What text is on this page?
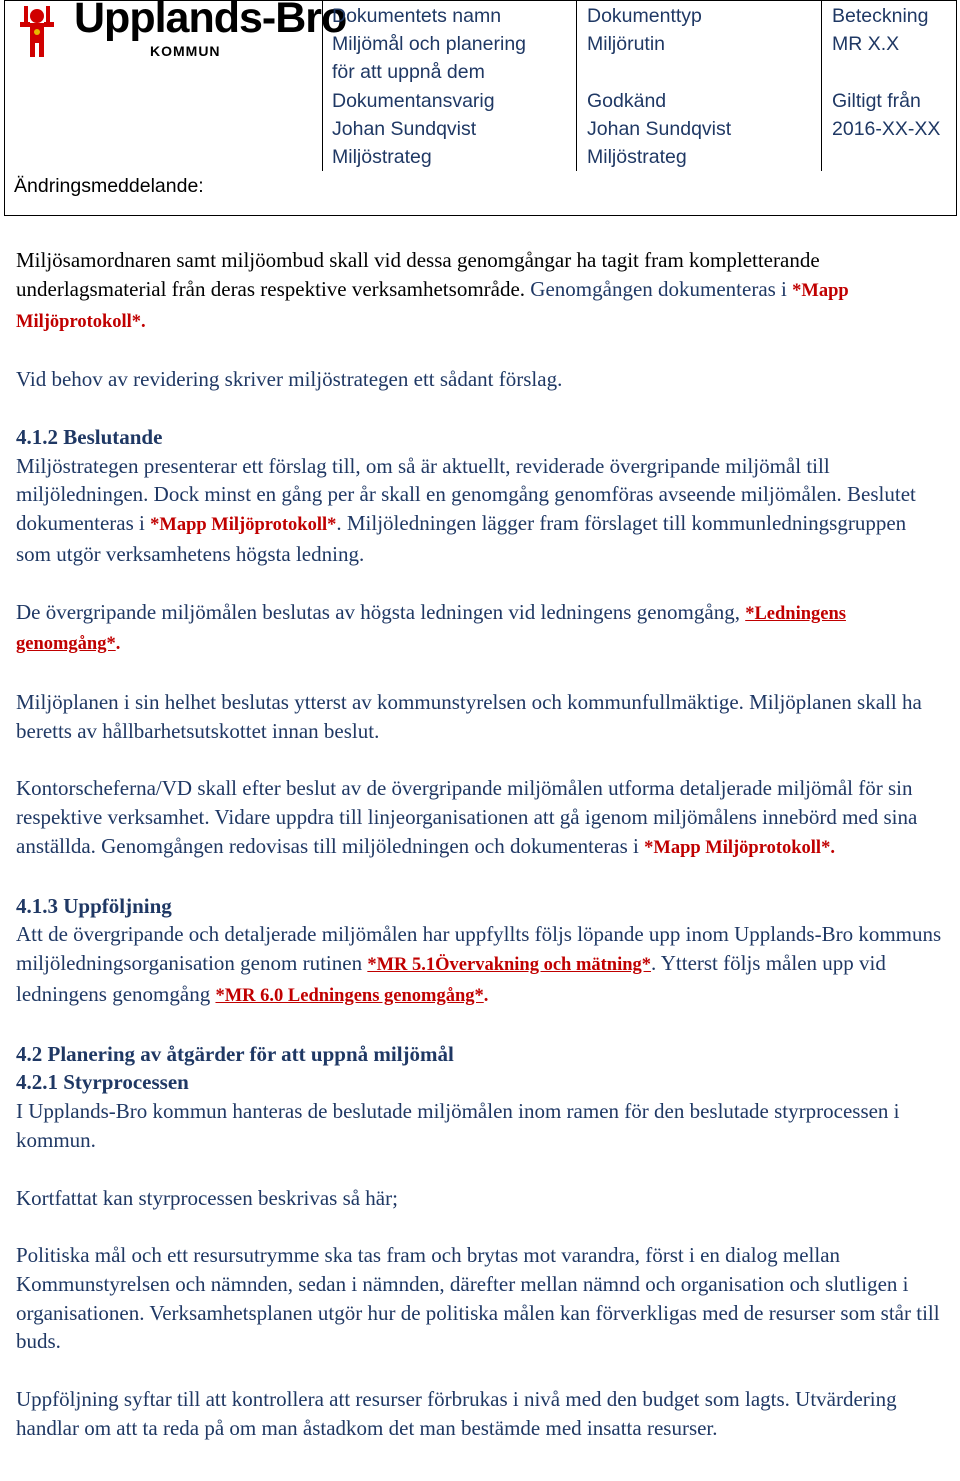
Upplands-Bro
KOMMUN
Ändringsmeddelande:
Dokumentets namn
Miljömål och planering
för att uppnå dem
Dokumentansvarig
Johan Sundqvist
Miljöstrateg
Dokumenttyp
Miljörutin
Godkänd
Johan Sundqvist
Miljöstrateg
Beteckning
MR X.X
Giltigt från
2016-XX-XX

Miljösamordnaren samt miljöombud skall vid dessa genomgångar ha tagit fram kompletterande underlagsmaterial från deras respektive verksamhetsområde. Genomgången dokumenteras i *Mapp Miljöprotokoll*.

Vid behov av revidering skriver miljöstrategen ett sådant förslag.

4.1.2 Beslutande

Miljöstrategen presenterar ett förslag till, om så är aktuellt, reviderade övergripande miljömål till miljöledningen. Dock minst en gång per år skall en genomgång genomföras avseende miljömålen. Beslutet dokumenteras i *Mapp Miljöprotokoll*. Miljöledningen lägger fram förslaget till kommunledningsgruppen som utgör verksamhetens högsta ledning.

De övergripande miljömålen beslutas av högsta ledningen vid ledningens genomgång, *Ledningens genomgång*.

Miljöplanen i sin helhet beslutas ytterst av kommunstyrelsen och kommunfullmäktige. Miljöplanen skall ha beretts av hållbarhetsutskottet innan beslut.

Kontorscheferna/VD skall efter beslut av de övergripande miljömålen utforma detaljerade miljömål för sin respektive verksamhet. Vidare uppdra till linjeorganisationen att gå igenom miljömålens innebörd med sina anställda. Genomgången redovisas till miljöledningen och dokumenteras i *Mapp Miljöprotokoll*.

4.1.3 Uppföljning

Att de övergripande och detaljerade miljömålen har uppfyllts följs löpande upp inom Upplands-Bro kommuns miljöledningsorganisation genom rutinen *MR 5.1Övervakning och mätning*. Ytterst följs målen upp vid ledningens genomgång *MR 6.0 Ledningens genomgång*.

4.2 Planering av åtgärder för att uppnå miljömål
4.2.1 Styrprocessen

I Upplands-Bro kommun hanteras de beslutade miljömålen inom ramen för den beslutade styrprocessen i kommun.

Kortfattat kan styrprocessen beskrivas så här;

Politiska mål och ett resursutrymme ska tas fram och brytas mot varandra, först i en dialog mellan Kommunstyrelsen och nämnden, sedan i nämnden, därefter mellan nämnd och organisation och slutligen i organisationen. Verksamhetsplanen utgör hur de politiska målen kan förverkligas med de resurser som står till buds.

Uppföljning syftar till att kontrollera att resurser förbrukas i nivå med den budget som lagts. Utvärdering handlar om att ta reda på om man åstadkom det man bestämde med insatta resurser.
